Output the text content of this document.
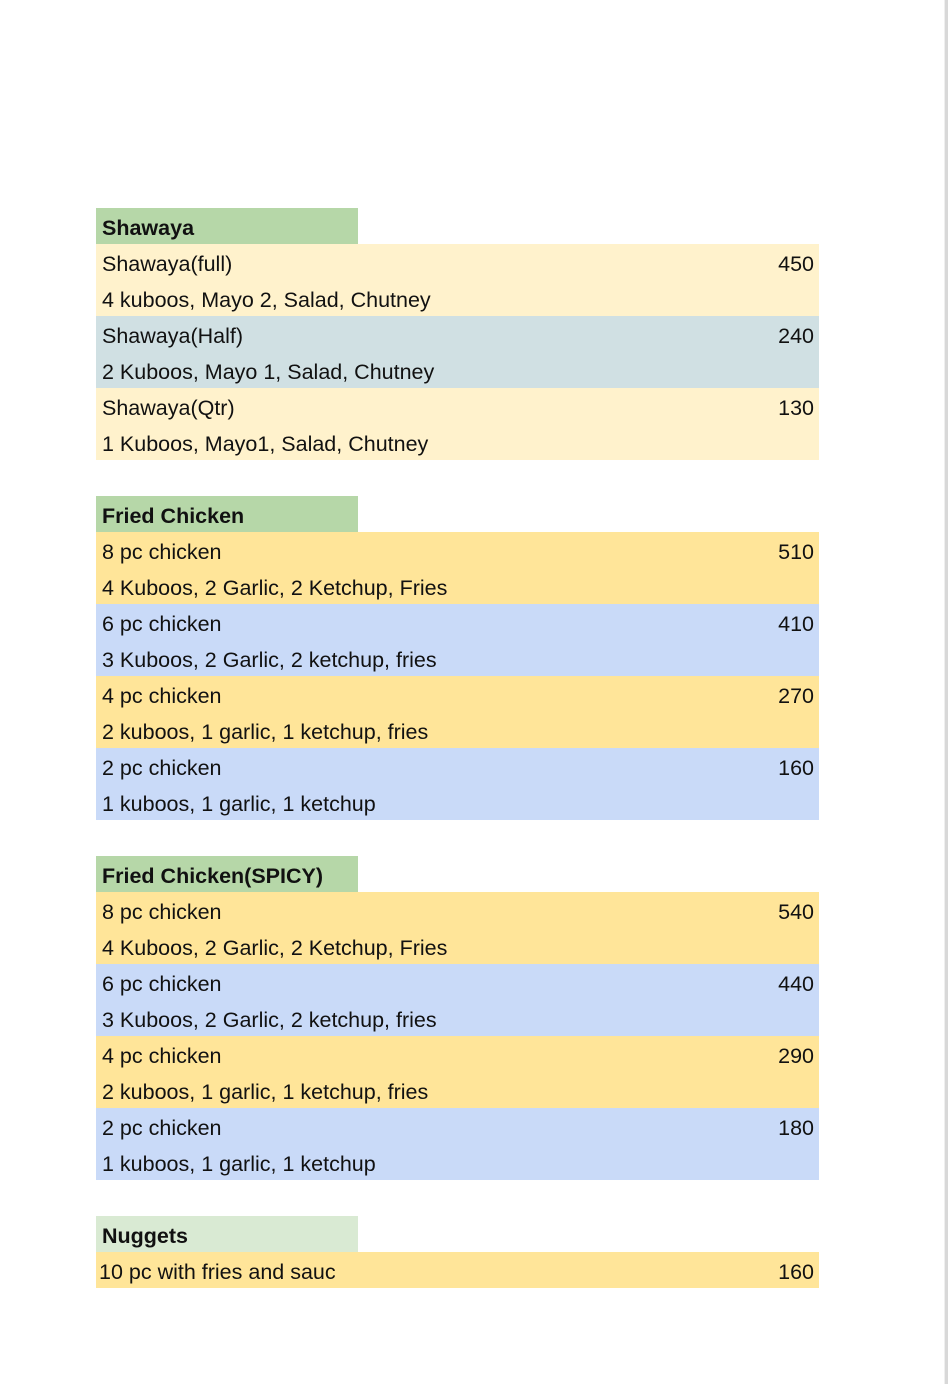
Shawaya
Shawaya(full)	450
4 kuboos, Mayo 2, Salad, Chutney
Shawaya(Half)	240
2 Kuboos, Mayo 1, Salad, Chutney
Shawaya(Qtr)	130
1 Kuboos, Mayo1, Salad, Chutney
Fried Chicken
8 pc chicken	510
4 Kuboos, 2 Garlic, 2 Ketchup, Fries
6 pc chicken	410
3 Kuboos, 2 Garlic, 2 ketchup, fries
4 pc chicken	270
2 kuboos, 1 garlic, 1 ketchup, fries
2 pc chicken	160
1 kuboos, 1 garlic, 1 ketchup
Fried Chicken(SPICY)
8 pc chicken	540
4 Kuboos, 2 Garlic, 2 Ketchup, Fries
6 pc chicken	440
3 Kuboos, 2 Garlic, 2 ketchup, fries
4 pc chicken	290
2 kuboos, 1 garlic, 1 ketchup, fries
2 pc chicken	180
1 kuboos, 1 garlic, 1 ketchup
Nuggets
10 pc with fries and sauc	160
